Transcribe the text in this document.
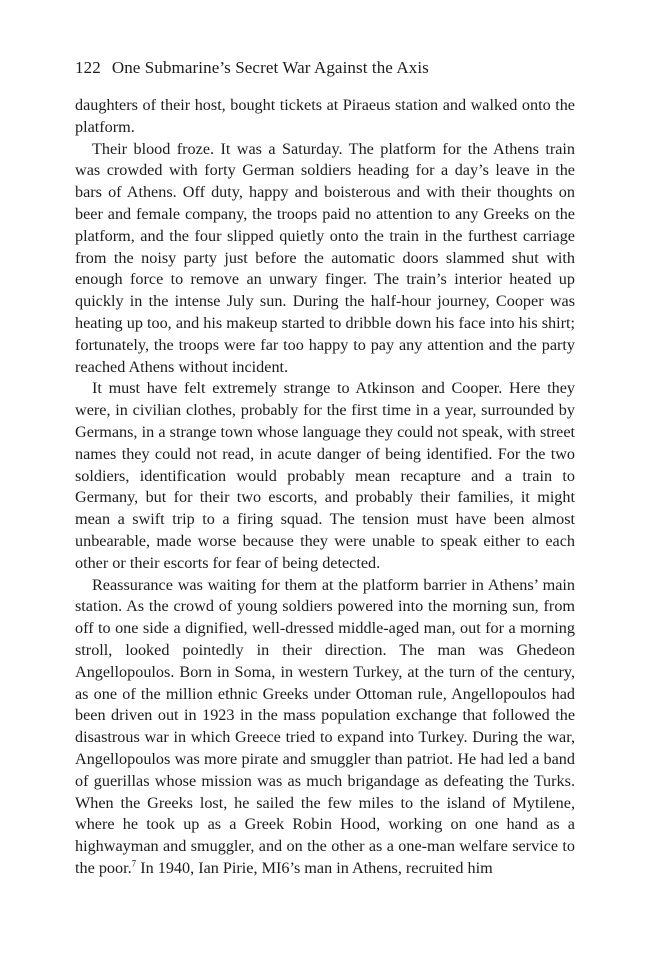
122 One Submarine’s Secret War Against the Axis

daughters of their host, bought tickets at Piraeus station and walked onto the platform.

Their blood froze. It was a Saturday. The platform for the Athens train was crowded with forty German soldiers heading for a day’s leave in the bars of Athens. Off duty, happy and boisterous and with their thoughts on beer and female company, the troops paid no attention to any Greeks on the platform, and the four slipped quietly onto the train in the furthest carriage from the noisy party just before the automatic doors slammed shut with enough force to remove an unwary finger. The train’s interior heated up quickly in the intense July sun. During the half-hour journey, Cooper was heating up too, and his makeup started to dribble down his face into his shirt; fortunately, the troops were far too happy to pay any attention and the party reached Athens without incident.

It must have felt extremely strange to Atkinson and Cooper. Here they were, in civilian clothes, probably for the first time in a year, surrounded by Germans, in a strange town whose language they could not speak, with street names they could not read, in acute danger of being identified. For the two soldiers, identification would probably mean recapture and a train to Germany, but for their two escorts, and probably their families, it might mean a swift trip to a firing squad. The tension must have been almost unbearable, made worse because they were unable to speak either to each other or their escorts for fear of being detected.

Reassurance was waiting for them at the platform barrier in Athens’ main station. As the crowd of young soldiers powered into the morning sun, from off to one side a dignified, well-dressed middle-aged man, out for a morning stroll, looked pointedly in their direction. The man was Ghedeon Angellopoulos. Born in Soma, in western Turkey, at the turn of the century, as one of the million ethnic Greeks under Ottoman rule, Angellopoulos had been driven out in 1923 in the mass population exchange that followed the disastrous war in which Greece tried to expand into Turkey. During the war, Angellopoulos was more pirate and smuggler than patriot. He had led a band of guerillas whose mission was as much brigandage as defeating the Turks. When the Greeks lost, he sailed the few miles to the island of Mytilene, where he took up as a Greek Robin Hood, working on one hand as a highwayman and smuggler, and on the other as a one-man welfare service to the poor.$^7$ In 1940, Ian Pirie, MI6’s man in Athens, recruited him
